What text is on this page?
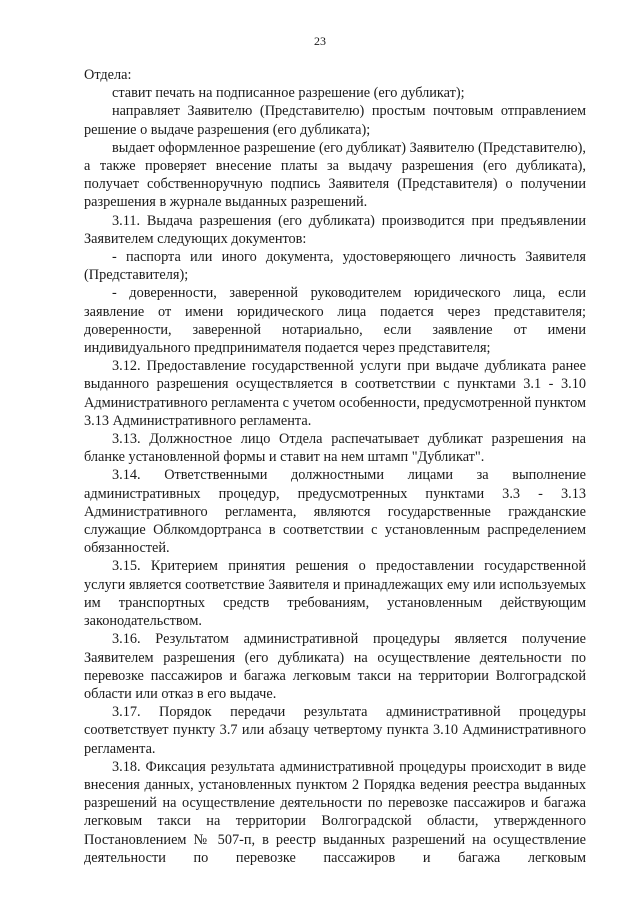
23

Отдела:

ставит печать на подписанное разрешение (его дубликат);

направляет Заявителю (Представителю) простым почтовым отправлением решение о выдаче разрешения (его дубликата);

выдает оформленное разрешение (его дубликат) Заявителю (Представителю), а также проверяет внесение платы за выдачу разрешения (его дубликата), получает собственноручную подпись Заявителя (Представителя) о получении разрешения в журнале выданных разрешений.

3.11. Выдача разрешения (его дубликата) производится при предъявлении Заявителем следующих документов:

- паспорта или иного документа, удостоверяющего личность Заявителя (Представителя);

- доверенности, заверенной руководителем юридического лица, если заявление от имени юридического лица подается через представителя; доверенности, заверенной нотариально, если заявление от имени индивидуального предпринимателя подается через представителя;

3.12. Предоставление государственной услуги при выдаче дубликата ранее выданного разрешения осуществляется в соответствии с пунктами 3.1 - 3.10 Административного регламента с учетом особенности, предусмотренной пунктом 3.13 Административного регламента.

3.13. Должностное лицо Отдела распечатывает дубликат разрешения на бланке установленной формы и ставит на нем штамп "Дубликат".

3.14. Ответственными должностными лицами за выполнение административных процедур, предусмотренных пунктами 3.3 - 3.13 Административного регламента, являются государственные гражданские служащие Облкомдортранса в соответствии с установленным распределением обязанностей.

3.15. Критерием принятия решения о предоставлении государственной услуги является соответствие Заявителя и принадлежащих ему или используемых им транспортных средств требованиям, установленным действующим законодательством.

3.16. Результатом административной процедуры является получение Заявителем разрешения (его дубликата) на осуществление деятельности по перевозке пассажиров и багажа легковым такси на территории Волгоградской области или отказ в его выдаче.

3.17. Порядок передачи результата административной процедуры соответствует пункту 3.7 или абзацу четвертому пункта 3.10 Административного регламента.

3.18. Фиксация результата административной процедуры происходит в виде внесения данных, установленных пунктом 2 Порядка ведения реестра выданных разрешений на осуществление деятельности по перевозке пассажиров и багажа легковым такси на территории Волгоградской области, утвержденного Постановлением № 507-п, в реестр выданных разрешений на осуществление деятельности по перевозке пассажиров и багажа легковым
